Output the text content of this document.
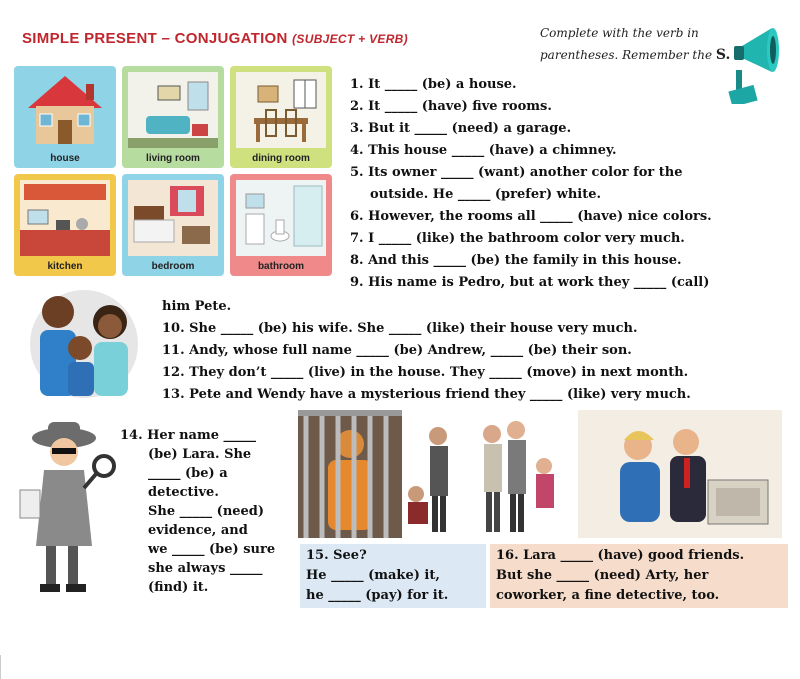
SIMPLE PRESENT – CONJUGATION (SUBJECT + VERB)	Complete with the verb in
parentheses. Remember the S.
house	living room	dining room
kitchen	bedroom	bathroom
1. It _____ (be) a house.
2. It _____ (have) five rooms.
3. But it _____ (need) a garage.
4. This house _____ (have) a chimney.
5. Its owner _____ (want) another color for the
outside. He _____ (prefer) white.
6. However, the rooms all _____ (have) nice colors.
7. I _____ (like) the bathroom color very much.
8. And this _____ (be) the family in this house.
9. His name is Pedro, but at work they _____ (call)
him Pete.
10. She _____ (be) his wife. She _____ (like) their house very much.
11. Andy, whose full name _____ (be) Andrew, _____ (be) their son.
12. They don’t _____ (live) in the house. They _____ (move) in next month.
13. Pete and Wendy have a mysterious friend they _____ (like) very much.
14. Her name _____
(be) Lara. She
_____ (be) a
detective.
She _____ (need)
evidence, and
we _____ (be) sure
she always _____
(find) it.
15. See?
He _____ (make) it,
he _____ (pay) for it.
16. Lara _____ (have) good friends.
But she _____ (need) Arty, her
coworker, a fine detective, too.
